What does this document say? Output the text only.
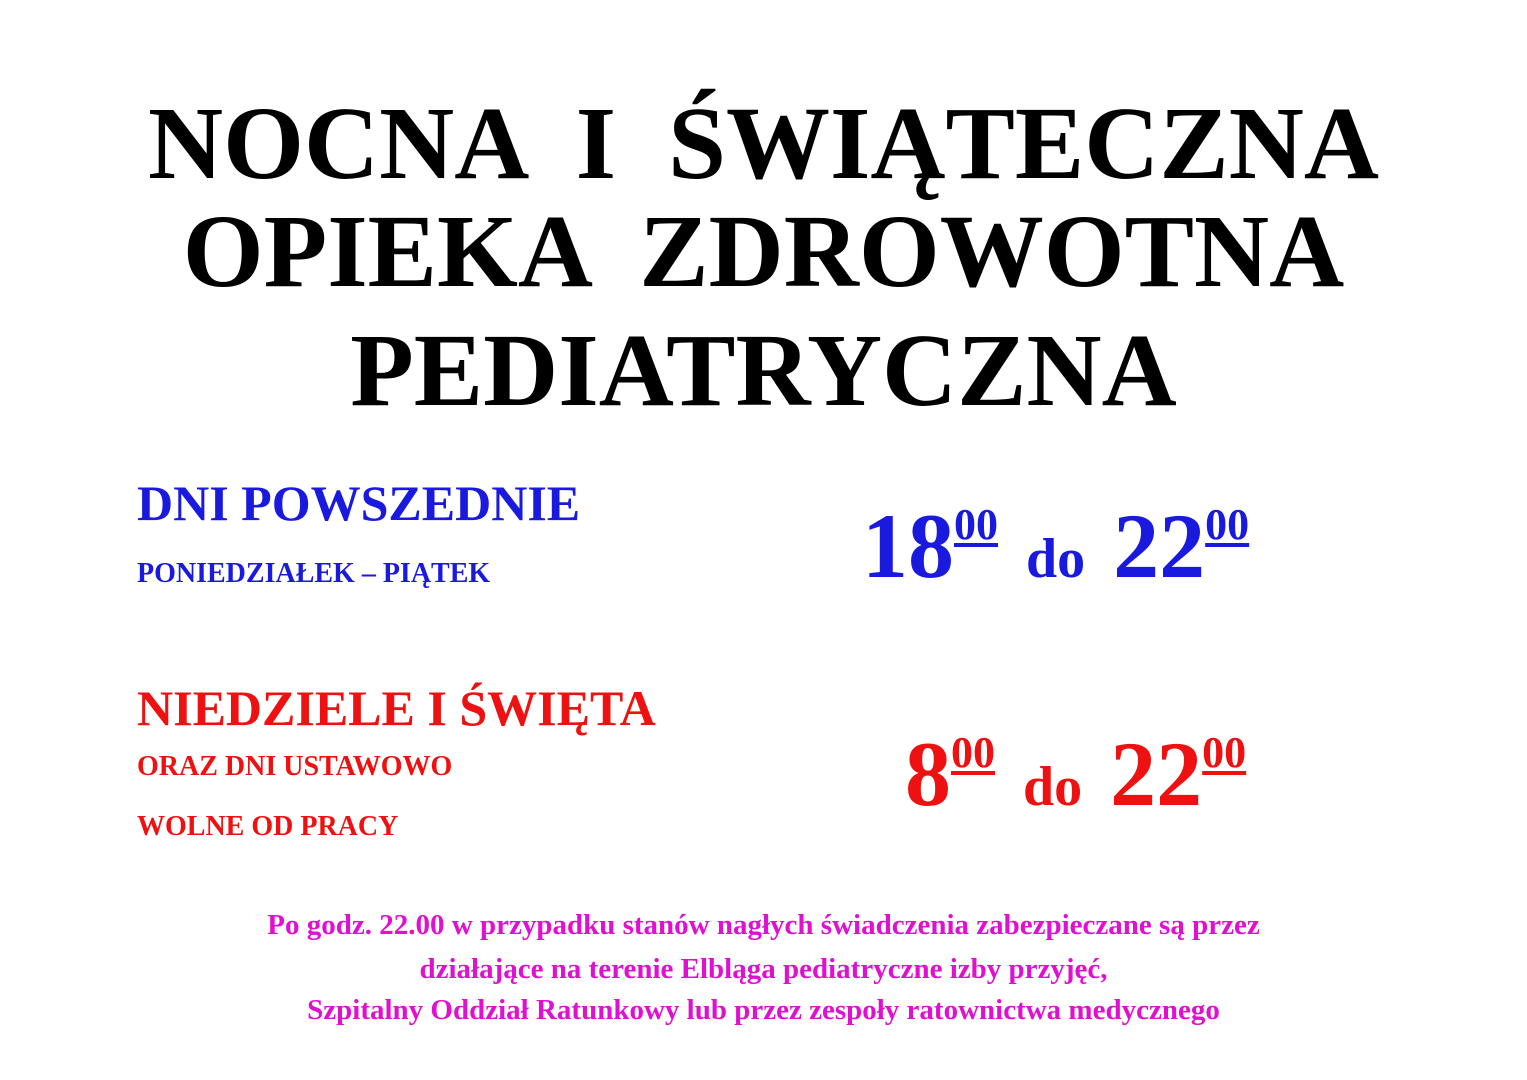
NOCNA  I  ŚWIĄTECZNA
OPIEKA  ZDROWOTNA
PEDIATRYCZNA
DNI POWSZEDNIE
PONIEDZIAŁEK – PIĄTEK	$18^{00}do$ $22^{00}$
NIEDZIELE I ŚWIĘTA
ORAZ DNI USTAWOWO
WOLNE OD PRACY
$8^{00}do$ $22^{00}$
Po godz. 22.00 w przypadku stanów nagłych świadczenia zabezpieczane są przez
działające na terenie Elbląga pediatryczne izby przyjęć,
Szpitalny Oddział Ratunkowy lub przez zespoły ratownictwa medycznego
